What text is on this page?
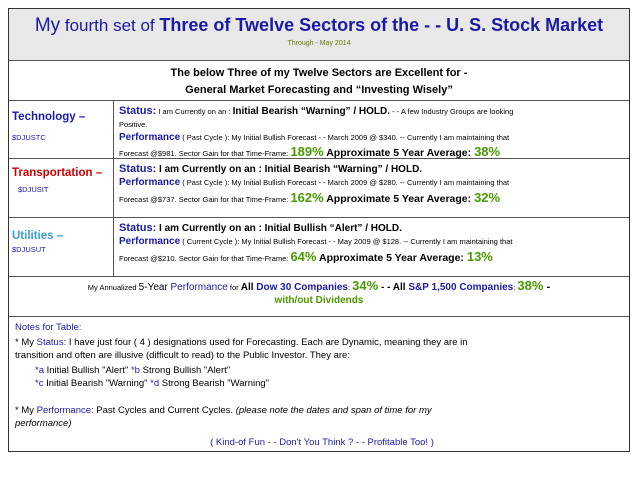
My fourth set of Three of Twelve Sectors of the - - U. S. Stock Market
Through - May 2014
The below Three of my Twelve Sectors are Excellent for -
General Market Forecasting and “Investing Wisely”
Technology –
$DJUSTC
Status: I am Currently on an : Initial Bearish “Warning” / HOLD. - - A few Industry Groups are looking
Positive.
Performance ( Past Cycle ): My Initial Bullish Forecast - - March 2009 @ $340. -- Currently I am maintaining that
Forecast @$981. Sector Gain for that Time-Frame: 189% Approximate 5 Year Average: 38%
Transportation –
$DJUSIT
Status: I am Currently on an : Initial Bearish “Warning” / HOLD.
Performance ( Past Cycle ): My Initial Bullish Forecast - - March 2009 @ $280. -- Currently I am maintaining that
Forecast @$737. Sector Gain for that Time-Frame: 162% Approximate 5 Year Average: 32%
Utilities –
$DJUSUT
Status: I am Currently on an : Initial Bullish “Alert” / HOLD.
Performance ( Current Cycle ): My Initial Bullish Forecast - - May 2009 @ $128. -- Currently I am maintaining that
Forecast @$210. Sector Gain for that Time-Frame: 64% Approximate 5 Year Average: 13%
My Annualized 5-Year Performance for All Dow 30 Companies: 34% - - All S&P 1,500 Companies: 38% -
with/out Dividends
Notes for Table:
* My Status: I have just four ( 4 ) designations used for Forecasting. Each are Dynamic, meaning they are in
transition and often are illusive (difficult to read) to the Public Investor. They are:
*a Initial Bullish "Alert" *b Strong Bullish "Alert"
*c Initial Bearish "Warning" *d Strong Bearish "Warning"
* My Performance: Past Cycles and Current Cycles. (please note the dates and span of time for my
performance)
( Kind-of Fun - - Don't You Think ? - - Profitable Too! )
